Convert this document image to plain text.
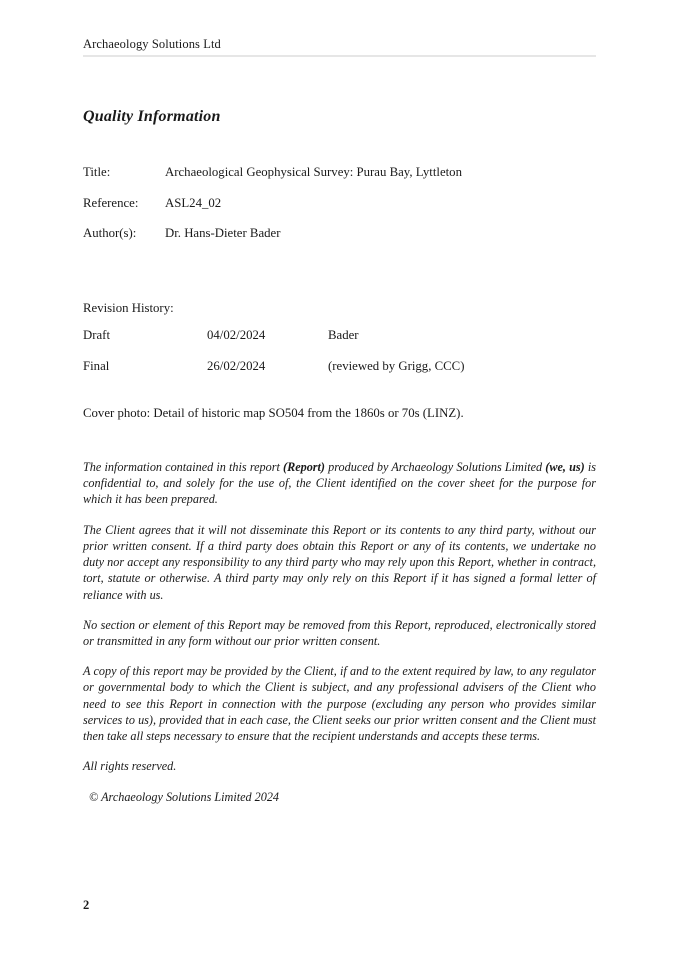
Archaeology Solutions Ltd
Quality Information
Title:	Archaeological Geophysical Survey: Purau Bay, Lyttleton
Reference:	ASL24_02
Author(s):	Dr. Hans-Dieter Bader
Revision History:
Draft	04/02/2024	Bader
Final	26/02/2024	(reviewed by Grigg, CCC)
Cover photo: Detail of historic map SO504 from the 1860s or 70s (LINZ).

The information contained in this report (Report) produced by Archaeology Solutions Limited (we, us) is confidential to, and solely for the use of, the Client identified on the cover sheet for the purpose for which it has been prepared.

The Client agrees that it will not disseminate this Report or its contents to any third party, without our prior written consent. If a third party does obtain this Report or any of its contents, we undertake no duty nor accept any responsibility to any third party who may rely upon this Report, whether in contract, tort, statute or otherwise. A third party may only rely on this Report if it has signed a formal letter of reliance with us.

No section or element of this Report may be removed from this Report, reproduced, electronically stored or transmitted in any form without our prior written consent.

A copy of this report may be provided by the Client, if and to the extent required by law, to any regulator or governmental body to which the Client is subject, and any professional advisers of the Client who need to see this Report in connection with the purpose (excluding any person who provides similar services to us), provided that in each case, the Client seeks our prior written consent and the Client must then take all steps necessary to ensure that the recipient understands and accepts these terms.

All rights reserved.

© Archaeology Solutions Limited 2024

2
